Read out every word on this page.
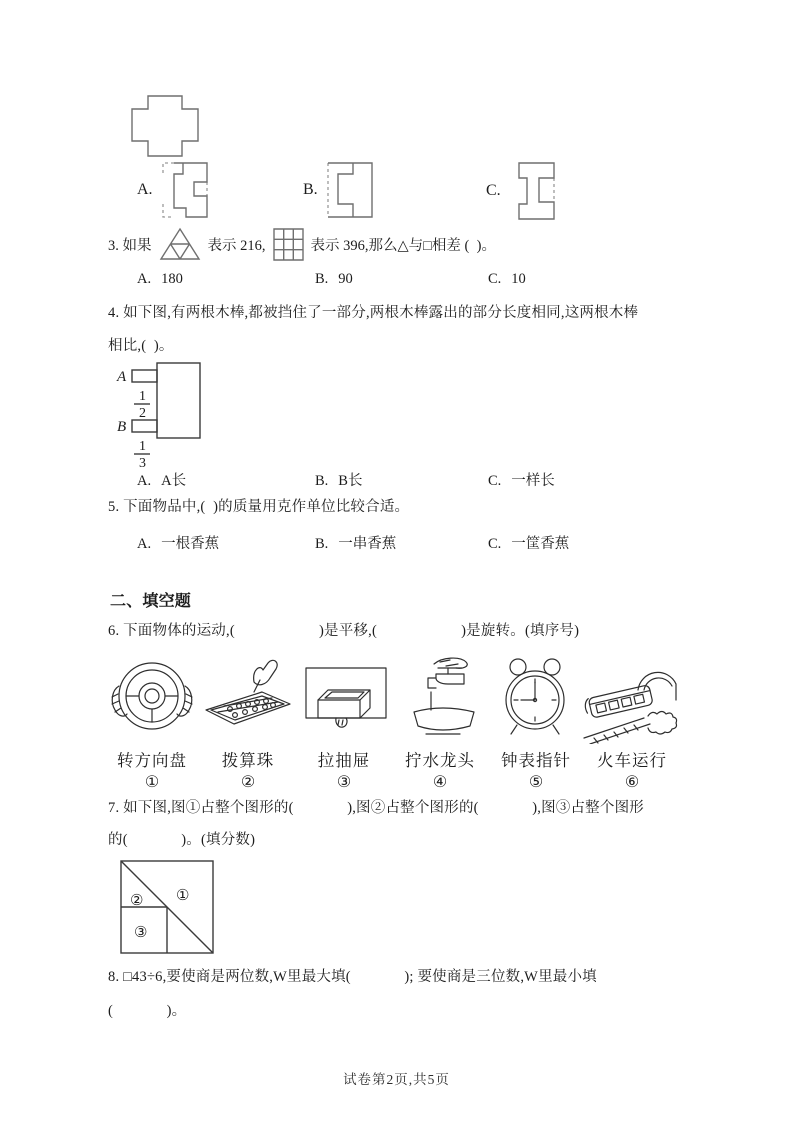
A.	B.	C.
3. 如果	表示 216,	表示 396,那么△与□相差 (  )。
A. 180	B. 90	C. 10
4. 如下图,有两根木棒,都被挡住了一部分,两根木棒露出的部分长度相同,这两根木棒
相比,(  )。
A
B
1
2
1
3
A. A长	B. B长	C. 一样长
5. 下面物品中,(  )的质量用克作单位比较合适。
A. 一根香蕉	B. 一串香蕉	C. 一筐香蕉
二、填空题
6. 下面物体的运动,(                      )是平移,(                      )是旋转。(填序号)
转方向盘
①
拨算珠
②
拉抽屉
③
拧水龙头
④
钟表指针
⑤
火车运行
⑥
7. 如下图,图①占整个图形的(              ),图②占整个图形的(              ),图③占整个图形
的(              )。(填分数)
② ①
③
8. □43÷6,要使商是两位数,W里最大填(              ); 要使商是三位数,W里最小填
(              )。
试卷第2页,共5页
